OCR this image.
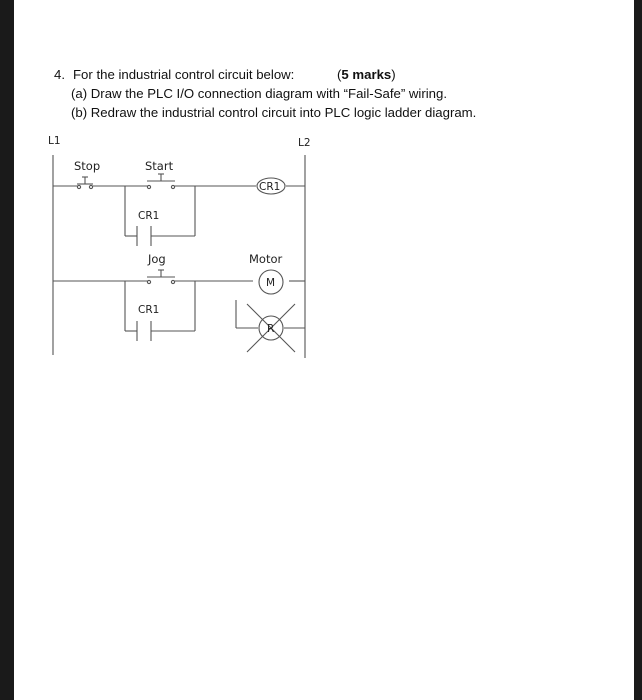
4. For the industrial control circuit below:	(5 marks)
(a) Draw the PLC I/O connection diagram with “Fail-Safe” wiring.
(b) Redraw the industrial control circuit into PLC logic ladder diagram.
L1	L2
Stop	Start
CR1
CR1
Jog	Motor
M
CR1
R
